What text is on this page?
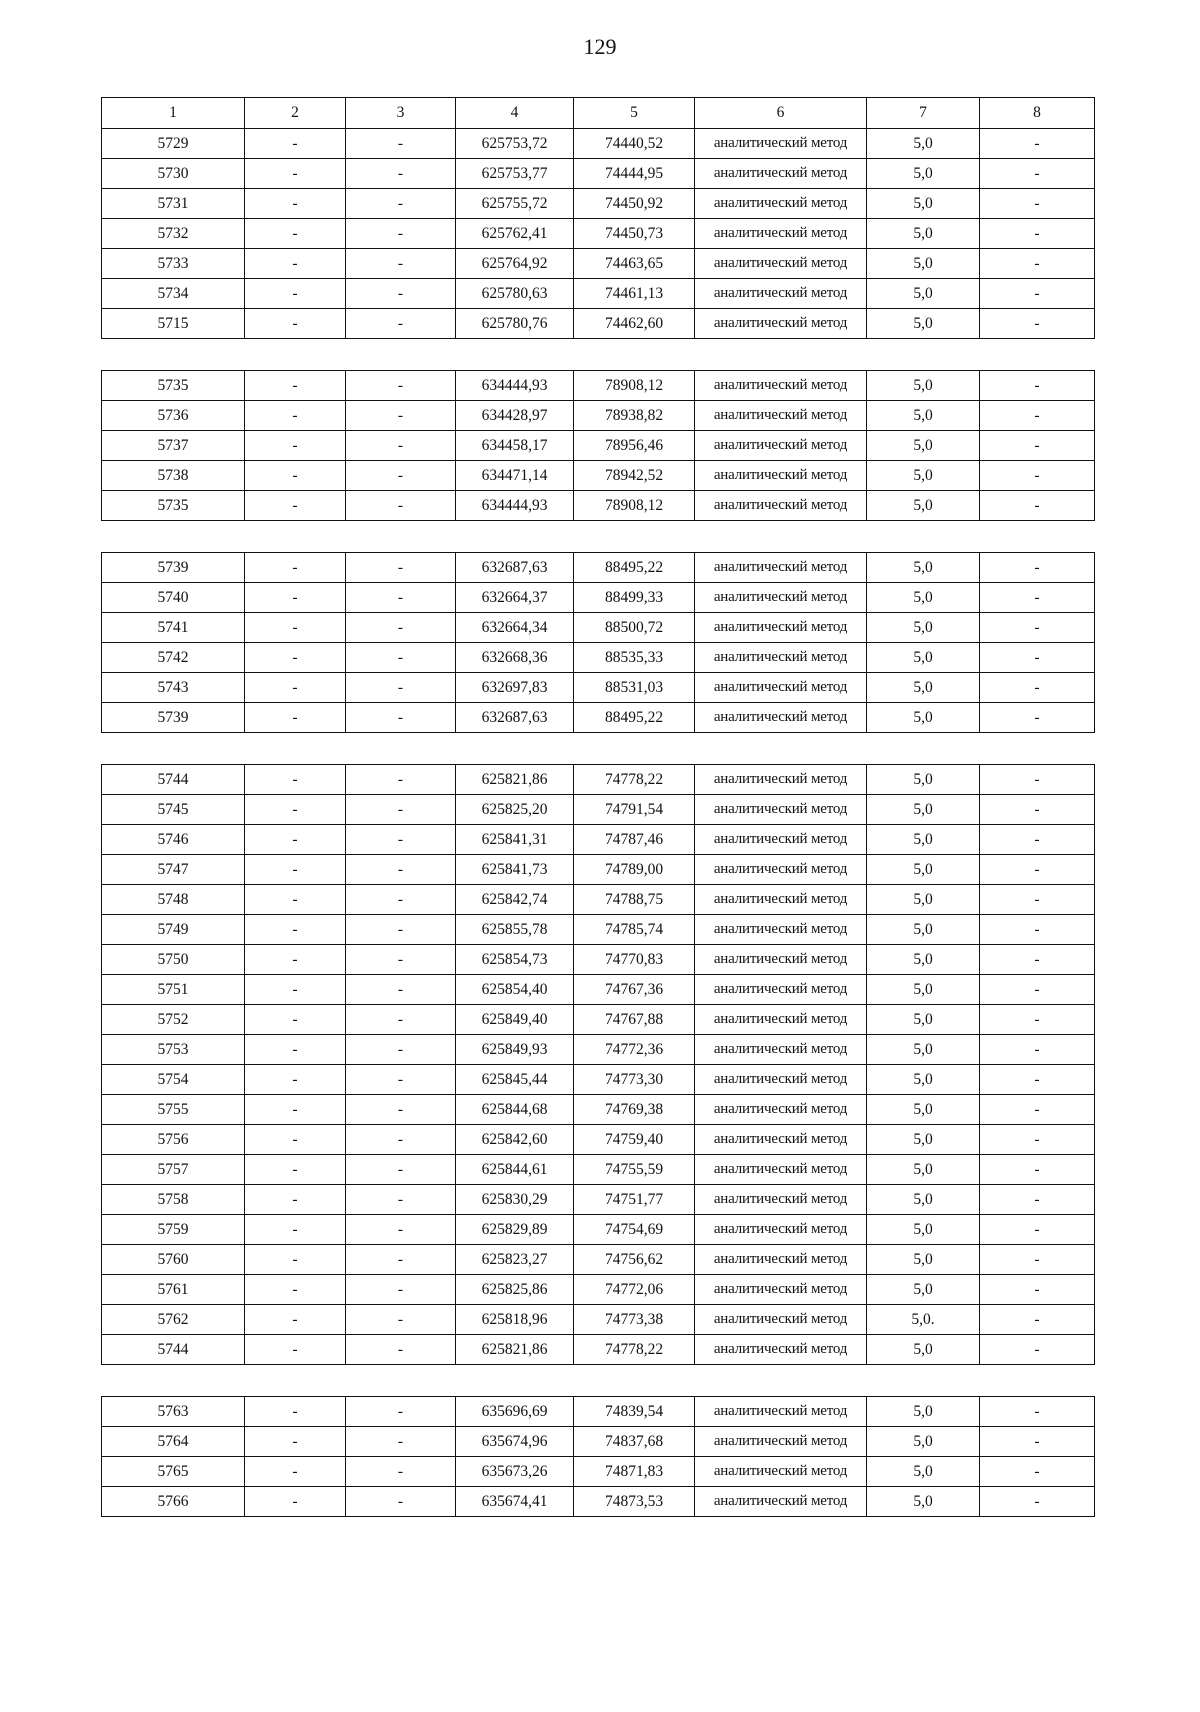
129
1	2	3	4	5	6	7	8
5729	-	-	625753,72	74440,52	аналитический метод	5,0	-
5730	-	-	625753,77	74444,95	аналитический метод	5,0	-
5731	-	-	625755,72	74450,92	аналитический метод	5,0	-
5732	-	-	625762,41	74450,73	аналитический метод	5,0	-
5733	-	-	625764,92	74463,65	аналитический метод	5,0	-
5734	-	-	625780,63	74461,13	аналитический метод	5,0	-
5715	-	-	625780,76	74462,60	аналитический метод	5,0	-
5735	-	-	634444,93	78908,12	аналитический метод	5,0	-
5736	-	-	634428,97	78938,82	аналитический метод	5,0	-
5737	-	-	634458,17	78956,46	аналитический метод	5,0	-
5738	-	-	634471,14	78942,52	аналитический метод	5,0	-
5735	-	-	634444,93	78908,12	аналитический метод	5,0	-
5739	-	-	632687,63	88495,22	аналитический метод	5,0	-
5740	-	-	632664,37	88499,33	аналитический метод	5,0	-
5741	-	-	632664,34	88500,72	аналитический метод	5,0	-
5742	-	-	632668,36	88535,33	аналитический метод	5,0	-
5743	-	-	632697,83	88531,03	аналитический метод	5,0	-
5739	-	-	632687,63	88495,22	аналитический метод	5,0	-
5744	-	-	625821,86	74778,22	аналитический метод	5,0	-
5745	-	-	625825,20	74791,54	аналитический метод	5,0	-
5746	-	-	625841,31	74787,46	аналитический метод	5,0	-
5747	-	-	625841,73	74789,00	аналитический метод	5,0	-
5748	-	-	625842,74	74788,75	аналитический метод	5,0	-
5749	-	-	625855,78	74785,74	аналитический метод	5,0	-
5750	-	-	625854,73	74770,83	аналитический метод	5,0	-
5751	-	-	625854,40	74767,36	аналитический метод	5,0	-
5752	-	-	625849,40	74767,88	аналитический метод	5,0	-
5753	-	-	625849,93	74772,36	аналитический метод	5,0	-
5754	-	-	625845,44	74773,30	аналитический метод	5,0	-
5755	-	-	625844,68	74769,38	аналитический метод	5,0	-
5756	-	-	625842,60	74759,40	аналитический метод	5,0	-
5757	-	-	625844,61	74755,59	аналитический метод	5,0	-
5758	-	-	625830,29	74751,77	аналитический метод	5,0	-
5759	-	-	625829,89	74754,69	аналитический метод	5,0	-
5760	-	-	625823,27	74756,62	аналитический метод	5,0	-
5761	-	-	625825,86	74772,06	аналитический метод	5,0	-
5762	-	-	625818,96	74773,38	аналитический метод	5,0.	-
5744	-	-	625821,86	74778,22	аналитический метод	5,0	-
5763	-	-	635696,69	74839,54	аналитический метод	5,0	-
5764	-	-	635674,96	74837,68	аналитический метод	5,0	-
5765	-	-	635673,26	74871,83	аналитический метод	5,0	-
5766	-	-	635674,41	74873,53	аналитический метод	5,0	-
